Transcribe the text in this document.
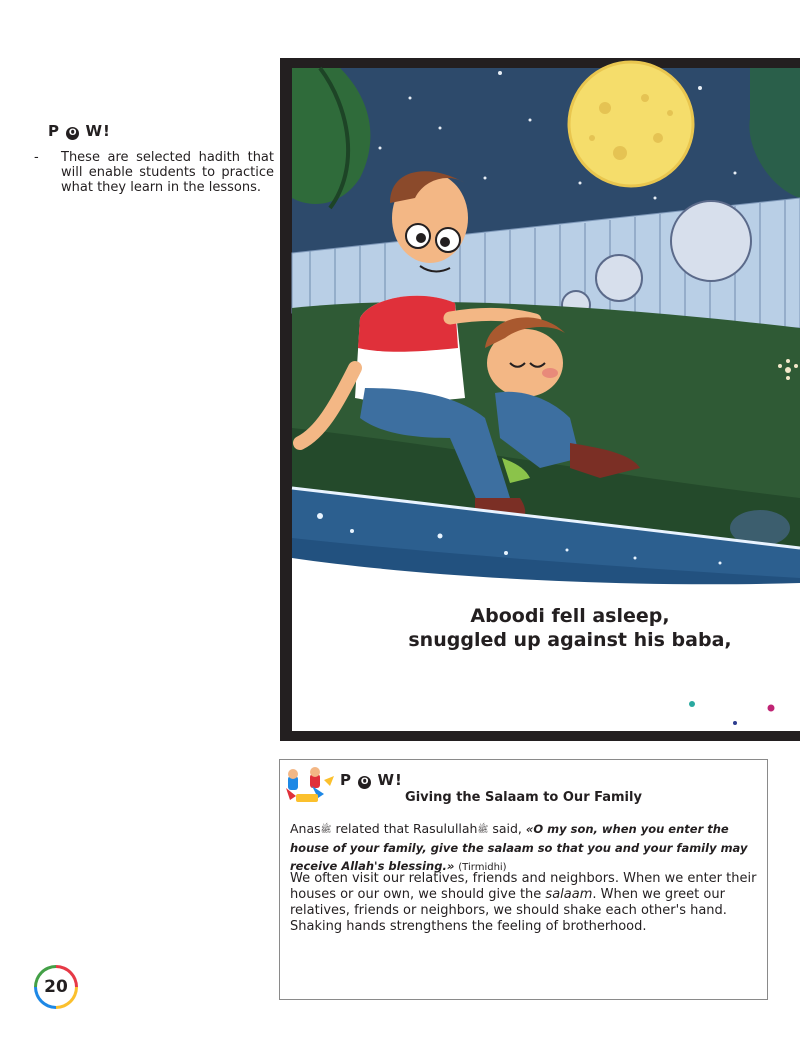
P O W!
- These are selected hadith that will enable students to practice what they learn in the lessons.
Aboodi fell asleep,
snuggled up against his baba,
P O W!
Giving the Salaam to Our Family
Anasﷺ related that Rasulullahﷺ said, «O my son, when you enter the house of your family, give the salaam so that you and your family may receive Allah's blessing.» (Tirmidhi)
We often visit our relatives, friends and neighbors. When we enter their houses or our own, we should give the salaam. When we greet our relatives, friends or neighbors, we should shake each other's hand. Shaking hands strengthens the feeling of brotherhood.
20
